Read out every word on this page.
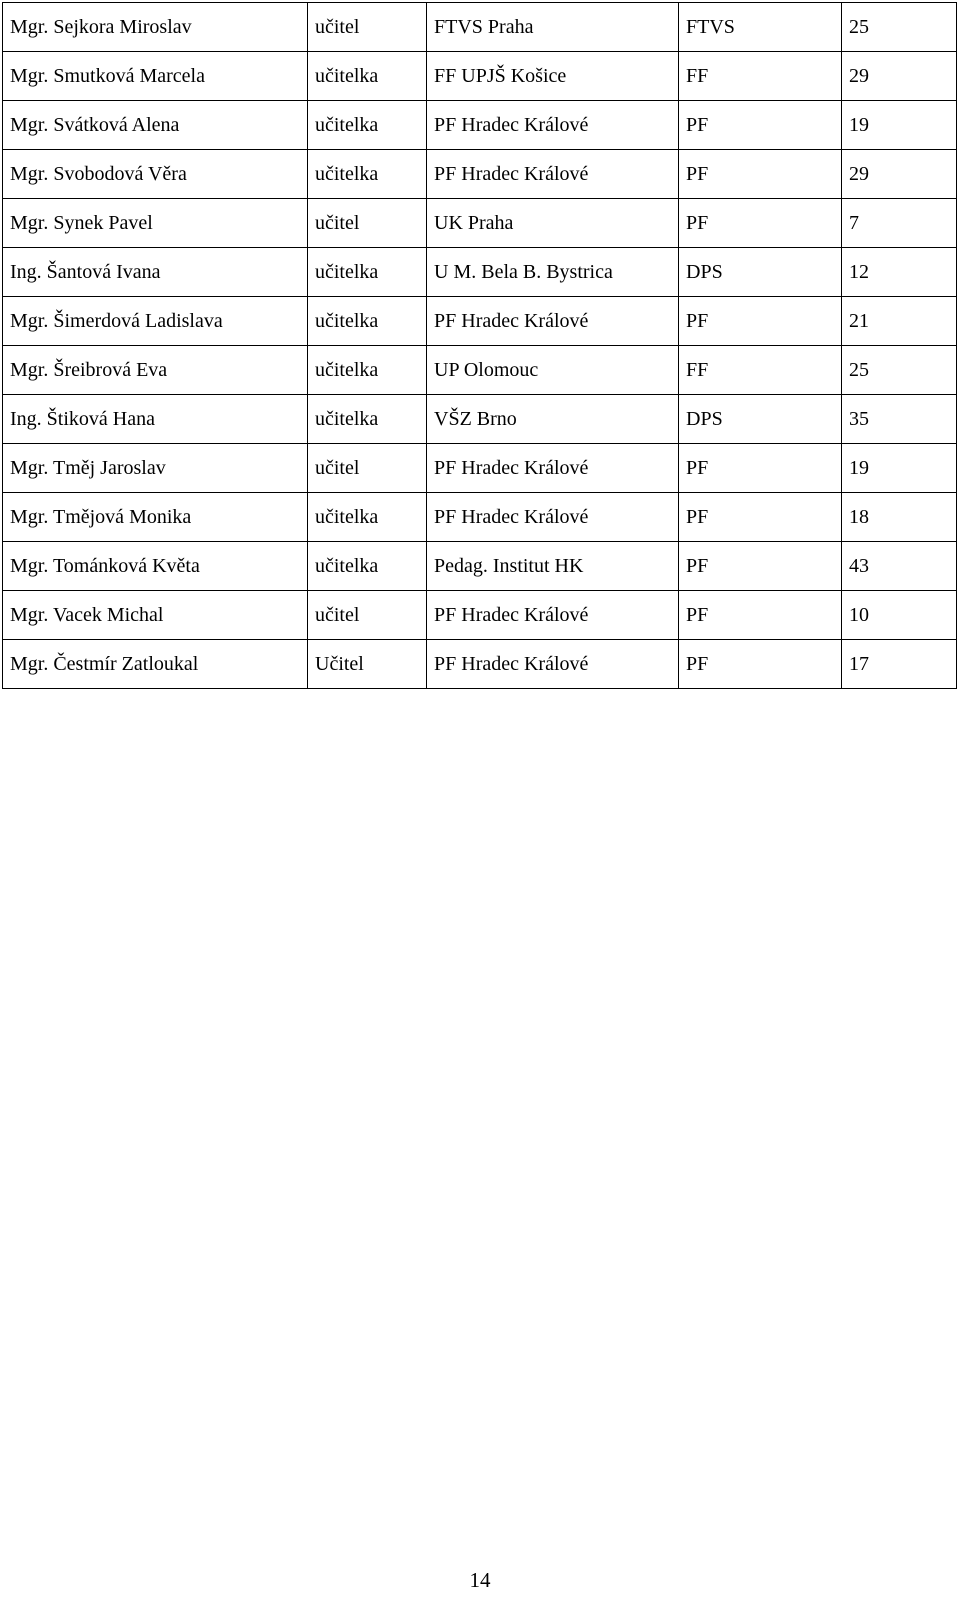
Mgr. Sejkora Miroslav	učitel	FTVS Praha	FTVS	25
Mgr. Smutková Marcela	učitelka	FF UPJŠ Košice	FF	29
Mgr. Svátková Alena	učitelka	PF Hradec Králové	PF	19
Mgr. Svobodová Věra	učitelka	PF Hradec Králové	PF	29
Mgr. Synek Pavel	učitel	UK Praha	PF	7
Ing. Šantová Ivana	učitelka	U M. Bela B. Bystrica	DPS	12
Mgr. Šimerdová Ladislava	učitelka	PF Hradec Králové	PF	21
Mgr. Šreibrová Eva	učitelka	UP Olomouc	FF	25
Ing. Štiková Hana	učitelka	VŠZ Brno	DPS	35
Mgr. Tměj Jaroslav	učitel	PF Hradec Králové	PF	19
Mgr. Tmějová Monika	učitelka	PF Hradec Králové	PF	18
Mgr. Tománková Květa	učitelka	Pedag. Institut HK	PF	43
Mgr. Vacek Michal	učitel	PF Hradec Králové	PF	10
Mgr. Čestmír Zatloukal	Učitel	PF Hradec Králové	PF	17
14
